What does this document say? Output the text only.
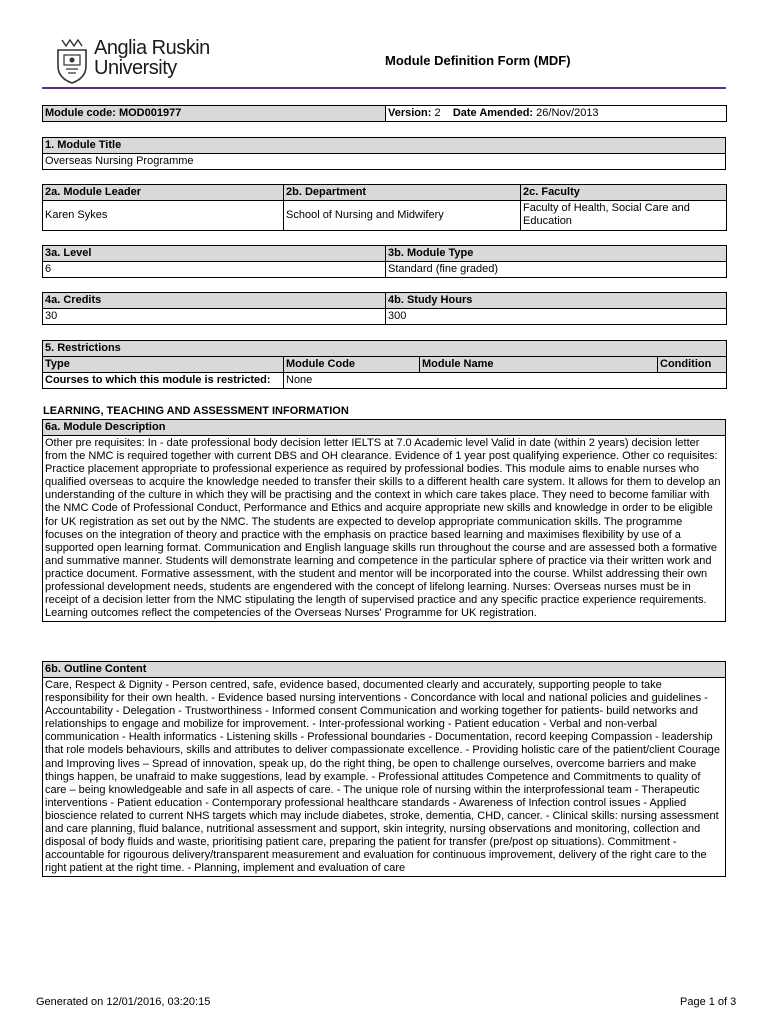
Anglia Ruskin
University	Module Definition Form (MDF)
Module code: MOD001977	Version: 2 Date Amended: 26/Nov/2013
1. Module Title
Overseas Nursing Programme
2a. Module Leader	2b. Department	2c. Faculty
Karen Sykes	School of Nursing and Midwifery	Faculty of Health, Social Care and Education
3a. Level	3b. Module Type
6	Standard (fine graded)
4a. Credits	4b. Study Hours
30	300
5. Restrictions			
Type	Module Code	Module Name	Condition
Courses to which this module is restricted:	None		
LEARNING, TEACHING AND ASSESSMENT INFORMATION
6a. Module Description
Other pre requisites: In - date professional body decision letter IELTS at 7.0 Academic level Valid in date (within 2 years) decision letter from the NMC is required together with current DBS and OH clearance. Evidence of 1 year post qualifying experience. Other co requisites: Practice placement appropriate to professional experience as required by professional bodies. This module aims to enable nurses who qualified overseas to acquire the knowledge needed to transfer their skills to a different health care system. It allows for them to develop an understanding of the culture in which they will be practising and the context in which care takes place. They need to become familiar with the NMC Code of Professional Conduct, Performance and Ethics and acquire appropriate new skills and knowledge in order to be eligible for UK registration as set out by the NMC. The students are expected to develop appropriate communication skills. The programme focuses on the integration of theory and practice with the emphasis on practice based learning and maximises flexibility by use of a supported open learning format. Communication and English language skills run throughout the course and are assessed both a formative and summative manner. Students will demonstrate learning and competence in the particular sphere of practice via their written work and practice document. Formative assessment, with the student and mentor will be incorporated into the course. Whilst addressing their own professional development needs, students are engendered with the concept of lifelong learning. Nurses: Overseas nurses must be in receipt of a decision letter from the NMC stipulating the length of supervised practice and any specific practice experience requirements. Learning outcomes reflect the competencies of the Overseas Nurses' Programme for UK registration.
6b. Outline Content
Care, Respect & Dignity - Person centred, safe, evidence based, documented clearly and accurately, supporting people to take responsibility for their own health. - Evidence based nursing interventions - Concordance with local and national policies and guidelines - Accountability - Delegation - Trustworthiness - Informed consent Communication and working together for patients- build networks and relationships to engage and mobilize for improvement. - Inter-professional working - Patient education - Verbal and non-verbal communication - Health informatics - Listening skills - Professional boundaries - Documentation, record keeping Compassion - leadership that role models behaviours, skills and attributes to deliver compassionate excellence. - Providing holistic care of the patient/client Courage and Improving lives – Spread of innovation, speak up, do the right thing, be open to challenge ourselves, overcome barriers and make things happen, be unafraid to make suggestions, lead by example. - Professional attitudes Competence and Commitments to quality of care – being knowledgeable and safe in all aspects of care. - The unique role of nursing within the interprofessional team - Therapeutic interventions - Patient education - Contemporary professional healthcare standards - Awareness of Infection control issues - Applied bioscience related to current NHS targets which may include diabetes, stroke, dementia, CHD, cancer. - Clinical skills: nursing assessment and care planning, fluid balance, nutritional assessment and support, skin integrity, nursing observations and monitoring, collection and disposal of body fluids and waste, prioritising patient care, preparing the patient for transfer (pre/post op situations). Commitment - accountable for rigourous delivery/transparent measurement and evaluation for continuous improvement, delivery of the right care to the right patient at the right time. - Planning, implement and evaluation of care
Generated on 12/01/2016, 03:20:15	Page 1 of 3
